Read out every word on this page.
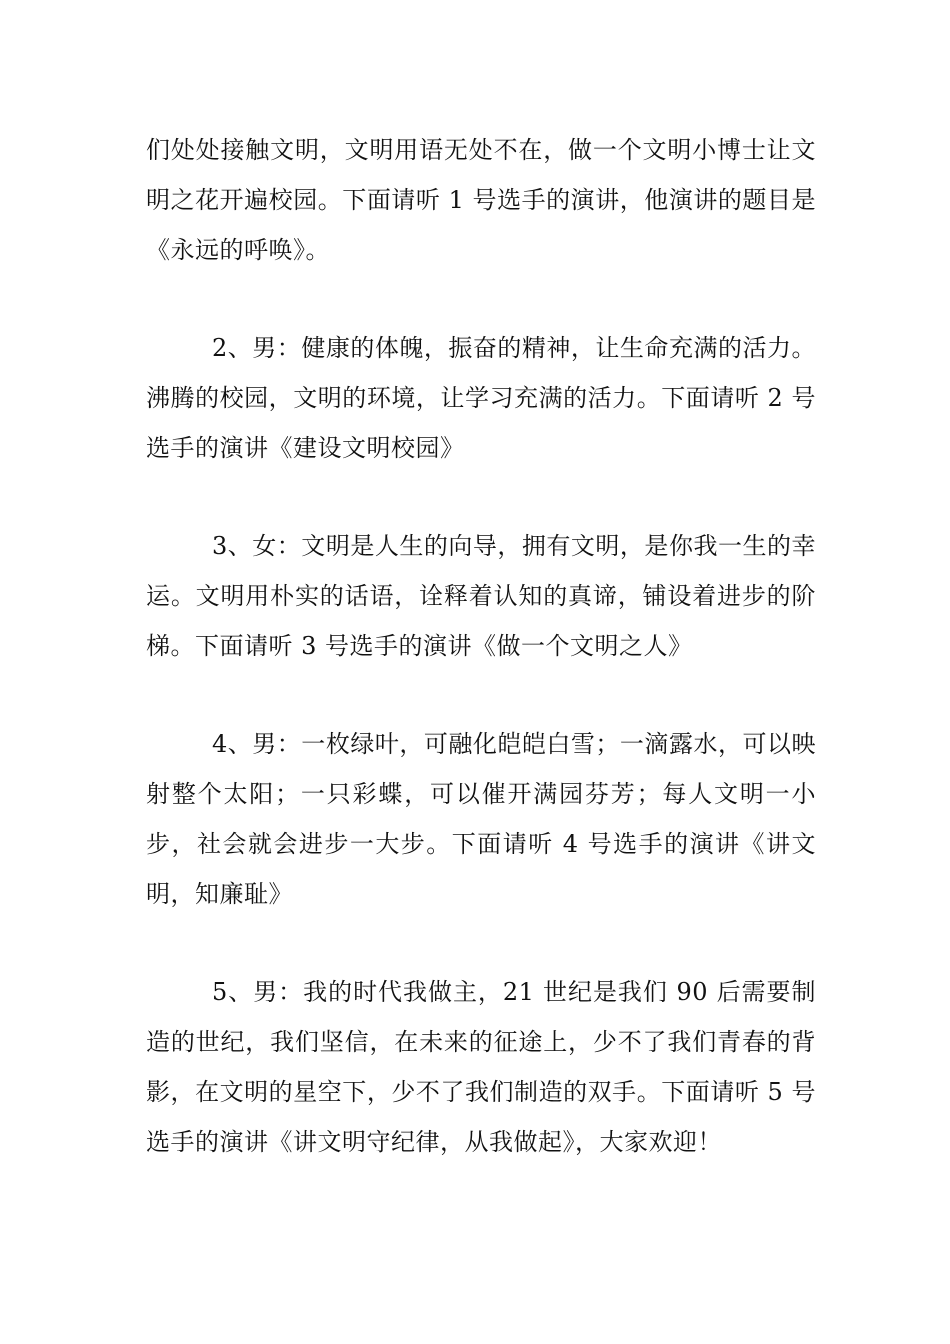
们处处接触文明，文明用语无处不在，做一个文明小博士让文明之花开遍校园。下面请听 1 号选手的演讲，他演讲的题目是《永远的呼唤》。

2、男：健康的体魄，振奋的精神，让生命充满的活力。沸腾的校园，文明的环境，让学习充满的活力。下面请听 2 号选手的演讲《建设文明校园》

3、女：文明是人生的向导，拥有文明，是你我一生的幸运。文明用朴实的话语，诠释着认知的真谛，铺设着进步的阶梯。下面请听 3 号选手的演讲《做一个文明之人》

4、男：一枚绿叶，可融化皑皑白雪；一滴露水，可以映射整个太阳；一只彩蝶，可以催开满园芬芳；每人文明一小步，社会就会进步一大步。下面请听 4 号选手的演讲《讲文明，知廉耻》

5、男：我的时代我做主，21 世纪是我们 90 后需要制造的世纪，我们坚信，在未来的征途上，少不了我们青春的背影，在文明的星空下，少不了我们制造的双手。下面请听 5 号选手的演讲《讲文明守纪律，从我做起》，大家欢迎！
